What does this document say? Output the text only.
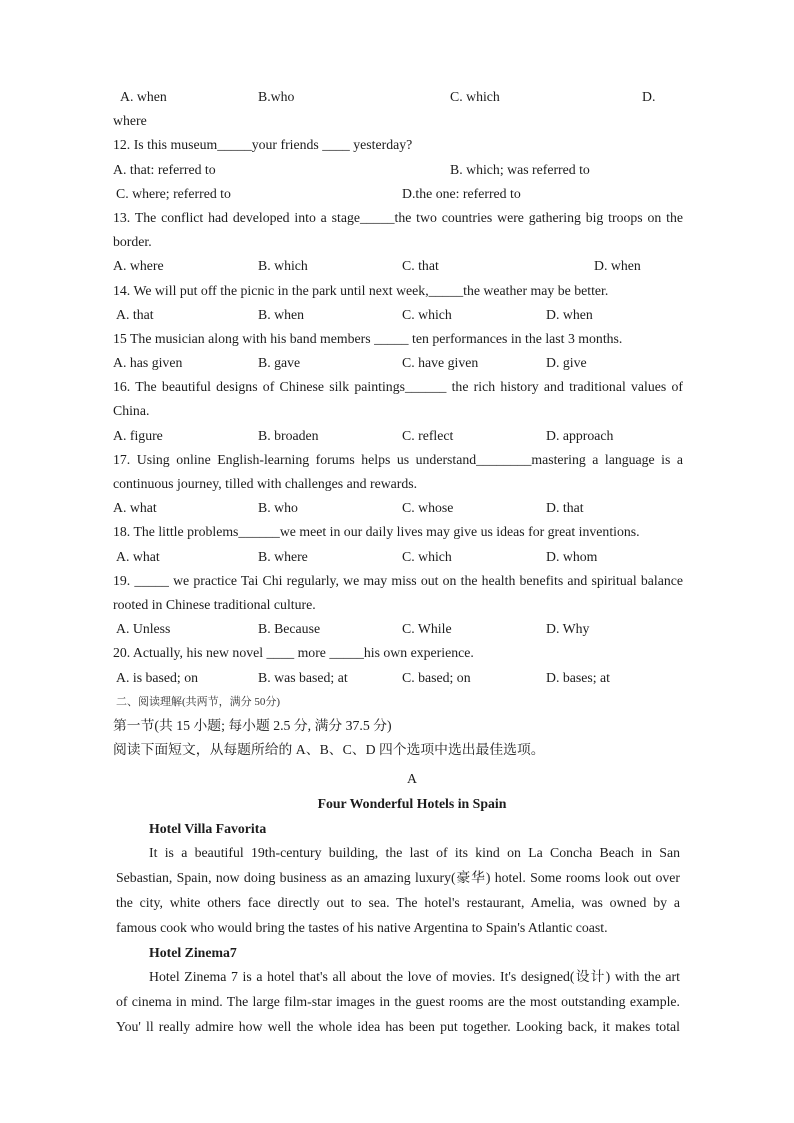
A. when	B.who	C. which	D.
where
12. Is this museum_____your friends ____ yesterday?
A. that: referred to	B. which; was referred to
C. where; referred to	D.the one: referred to
13. The conflict had developed into a stage_____the two countries were gathering big troops on the
border.
A. where	B. which	C. that	D. when
14. We will put off the picnic in the park until next week,_____the weather may be better.
A. that	B. when	C. which	D. when
15 The musician along with his band members _____ ten performances in the last 3 months.
A. has given	B. gave	C. have given	D. give
16. The beautiful designs of Chinese silk paintings______ the rich history and traditional values of
China.
A. figure	B. broaden	C. reflect	D. approach
17. Using online English-learning forums helps us understand________mastering a language is a
continuous journey, tilled with challenges and rewards.
A. what	B. who	C. whose	D. that
18. The little problems______we meet in our daily lives may give us ideas for great inventions.
A. what	B. where	C. which	D. whom
19. _____ we practice Tai Chi regularly, we may miss out on the health benefits and spiritual balance
rooted in Chinese traditional culture.
A. Unless	B. Because	C. While	D. Why
20. Actually, his new novel ____ more _____his own experience.
A. is based; on	B. was based; at	C. based; on	D. bases; at
二、阅读理解(共两节，满分 50分)
第一节(共 15 小题; 每小题 2.5 分, 满分 37.5 分)
阅读下面短文，从每题所给的 A、B、C、D 四个选项中选出最佳选项。
A
Four Wonderful Hotels in Spain
Hotel Villa Favorita
It is a beautiful 19th-century building, the last of its kind on La Concha Beach in San
Sebastian, Spain, now doing business as an amazing luxury(豪华) hotel. Some rooms look out over
the city, white others face directly out to sea. The hotel's restaurant, Amelia, was owned by a
famous cook who would bring the tastes of his native Argentina to Spain's Atlantic coast.
Hotel Zinema7
Hotel Zinema 7 is a hotel that's all about the love of movies. It's designed(设计) with the art
of cinema in mind. The large film-star images in the guest rooms are the most outstanding example.
You' ll really admire how well the whole idea has been put together. Looking back, it makes total
